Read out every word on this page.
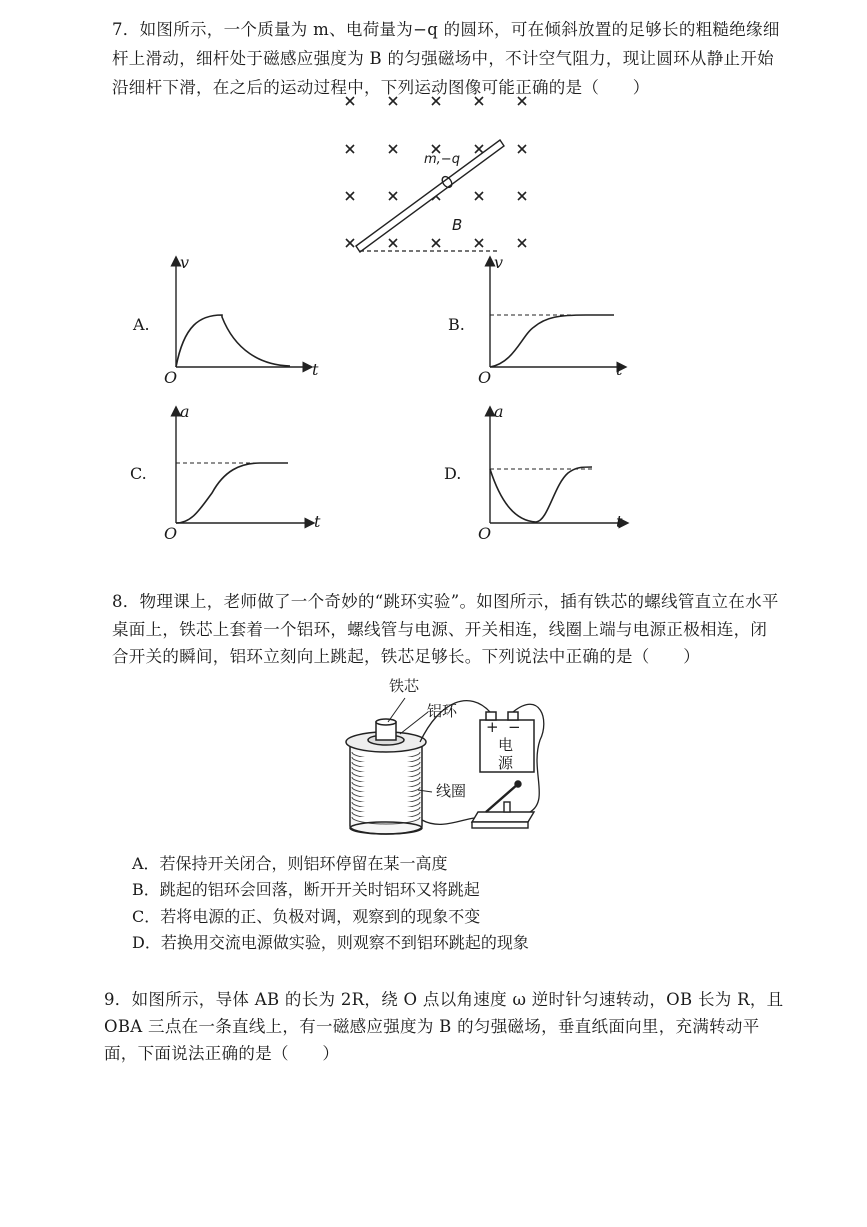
7．如图所示，一个质量为 m、电荷量为−q 的圆环，可在倾斜放置的足够长的粗糙绝缘细
杆上滑动，细杆处于磁感应强度为 B 的匀强磁场中，不计空气阻力，现让圆环从静止开始
沿细杆下滑，在之后的运动过程中，下列运动图像可能正确的是（　　）
m,−q
B
A.
v
t
O
B.
v
t
O
C.
a
t
O
D.
a
t
O
8．物理课上，老师做了一个奇妙的“跳环实验”。如图所示，插有铁芯的螺线管直立在水平
桌面上，铁芯上套着一个铝环，螺线管与电源、开关相连，线圈上端与电源正极相连，闭
合开关的瞬间，铝环立刻向上跳起，铁芯足够长。下列说法中正确的是（　　）
铁芯
铝环
线圈
+ −
电
源
A．若保持开关闭合，则铝环停留在某一高度
B．跳起的铝环会回落，断开开关时铝环又将跳起
C．若将电源的正、负极对调，观察到的现象不变
D．若换用交流电源做实验，则观察不到铝环跳起的现象
9．如图所示，导体 AB 的长为 2R，绕 O 点以角速度 ω 逆时针匀速转动，OB 长为 R，且
OBA 三点在一条直线上，有一磁感应强度为 B 的匀强磁场，垂直纸面向里，充满转动平
面，下面说法正确的是（　　）
